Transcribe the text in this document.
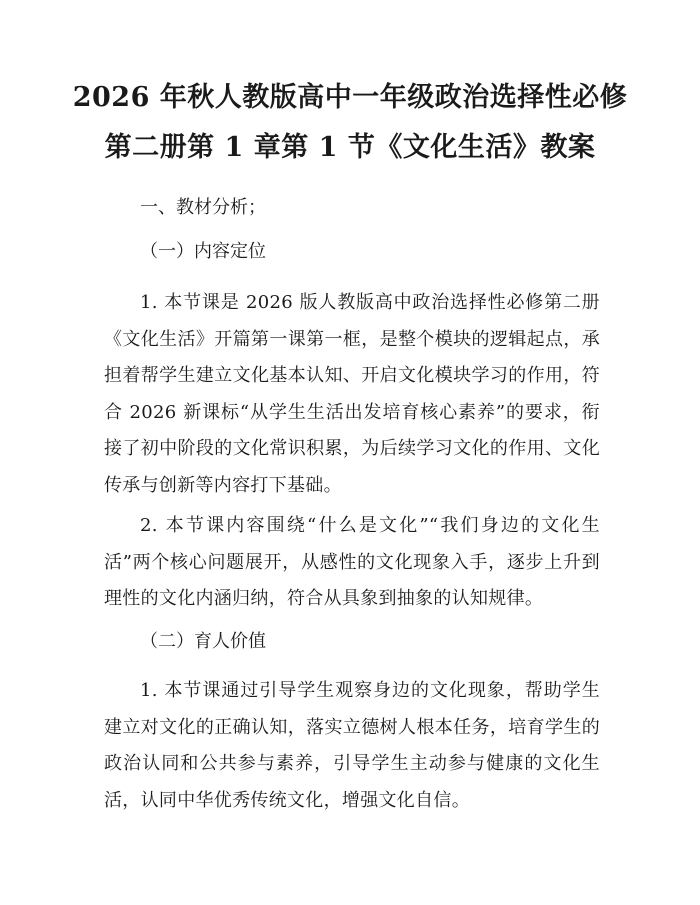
2026 年秋人教版高中一年级政治选择性必修
第二册第 1 章第 1 节《文化生活》教案
一、教材分析；
（一）内容定位
1. 本节课是 2026 版人教版高中政治选择性必修第二册《文化生活》开篇第一课第一框，是整个模块的逻辑起点，承担着帮学生建立文化基本认知、开启文化模块学习的作用，符合 2026 新课标“从学生生活出发培育核心素养”的要求，衔接了初中阶段的文化常识积累，为后续学习文化的作用、文化传承与创新等内容打下基础。
2. 本节课内容围绕“什么是文化”“我们身边的文化生活”两个核心问题展开，从感性的文化现象入手，逐步上升到理性的文化内涵归纳，符合从具象到抽象的认知规律。
（二）育人价值
1. 本节课通过引导学生观察身边的文化现象，帮助学生建立对文化的正确认知，落实立德树人根本任务，培育学生的政治认同和公共参与素养，引导学生主动参与健康的文化生活，认同中华优秀传统文化，增强文化自信。
